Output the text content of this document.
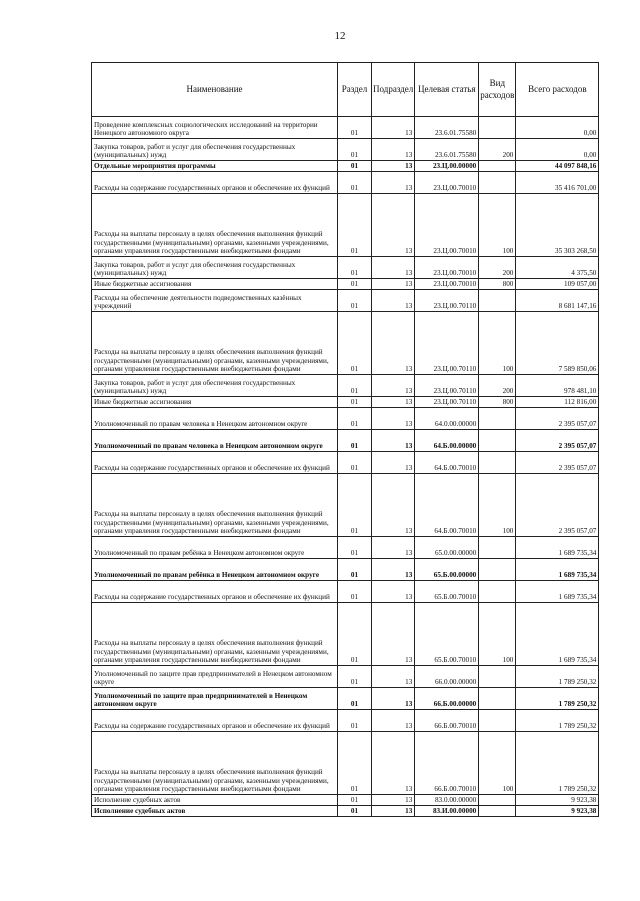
12
Наименование	Раздел	Подраздел	Целевая статья	Вид расходов	Всего расходов
Проведение комплексных социологических исследований на территории Ненецкого автономного округа	01	13	23.6.01.75580		0,00
Закупка товаров, работ и услуг для обеспечения государственных (муниципальных) нужд	01	13	23.6.01.75580	200	0,00
Отдельные мероприятия программы	01	13	23.Ц.00.00000		44 097 848,16
Расходы на содержание государственных органов и обеспечение их функций	01	13	23.Ц.00.70010		35 416 701,00
Расходы на выплаты персоналу в целях обеспечения выполнения функций государственными (муниципальными) органами, казенными учреждениями, органами управления государственными внебюджетными фондами	01	13	23.Ц.00.70010	100	35 303 268,50
Закупка товаров, работ и услуг для обеспечения государственных (муниципальных) нужд	01	13	23.Ц.00.70010	200	4 375,50
Иные бюджетные ассигнования	01	13	23.Ц.00.70010	800	109 057,00
Расходы на обеспечение деятельности подведомственных казённых учреждений	01	13	23.Ц.00.70110		8 681 147,16
Расходы на выплаты персоналу в целях обеспечения выполнения функций государственными (муниципальными) органами, казенными учреждениями, органами управления государственными внебюджетными фондами	01	13	23.Ц.00.70110	100	7 589 850,06
Закупка товаров, работ и услуг для обеспечения государственных (муниципальных) нужд	01	13	23.Ц.00.70110	200	978 481,10
Иные бюджетные ассигнования	01	13	23.Ц.00.70110	800	112 816,00
Уполномоченный по правам человека в Ненецком автономном округе	01	13	64.0.00.00000		2 395 057,07
Уполномоченный по правам человека в Ненецком автономном округе	01	13	64.Б.00.00000		2 395 057,07
Расходы на содержание государственных органов и обеспечение их функций	01	13	64.Б.00.70010		2 395 057,07
Расходы на выплаты персоналу в целях обеспечения выполнения функций государственными (муниципальными) органами, казенными учреждениями, органами управления государственными внебюджетными фондами	01	13	64.Б.00.70010	100	2 395 057,07
Уполномоченный по правам ребёнка в Ненецком автономном округе	01	13	65.0.00.00000		1 689 735,34
Уполномоченный по правам ребёнка в Ненецком автономном округе	01	13	65.Б.00.00000		1 689 735,34
Расходы на содержание государственных органов и обеспечение их функций	01	13	65.Б.00.70010		1 689 735,34
Расходы на выплаты персоналу в целях обеспечения выполнения функций государственными (муниципальными) органами, казенными учреждениями, органами управления государственными внебюджетными фондами	01	13	65.Б.00.70010	100	1 689 735,34
Уполномоченный по защите прав предпринимателей в Ненецком автономном округе	01	13	66.0.00.00000		1 789 250,32
Уполномоченный по защите прав предпринимателей в Ненецком автономном округе	01	13	66.Б.00.00000		1 789 250,32
Расходы на содержание государственных органов и обеспечение их функций	01	13	66.Б.00.70010		1 789 250,32
Расходы на выплаты персоналу в целях обеспечения выполнения функций государственными (муниципальными) органами, казенными учреждениями, органами управления государственными внебюджетными фондами	01	13	66.Б.00.70010	100	1 789 250,32
Исполнение судебных актов	01	13	83.0.00.00000		9 923,38
Исполнение судебных актов	01	13	83.И.00.00000		9 923,38
